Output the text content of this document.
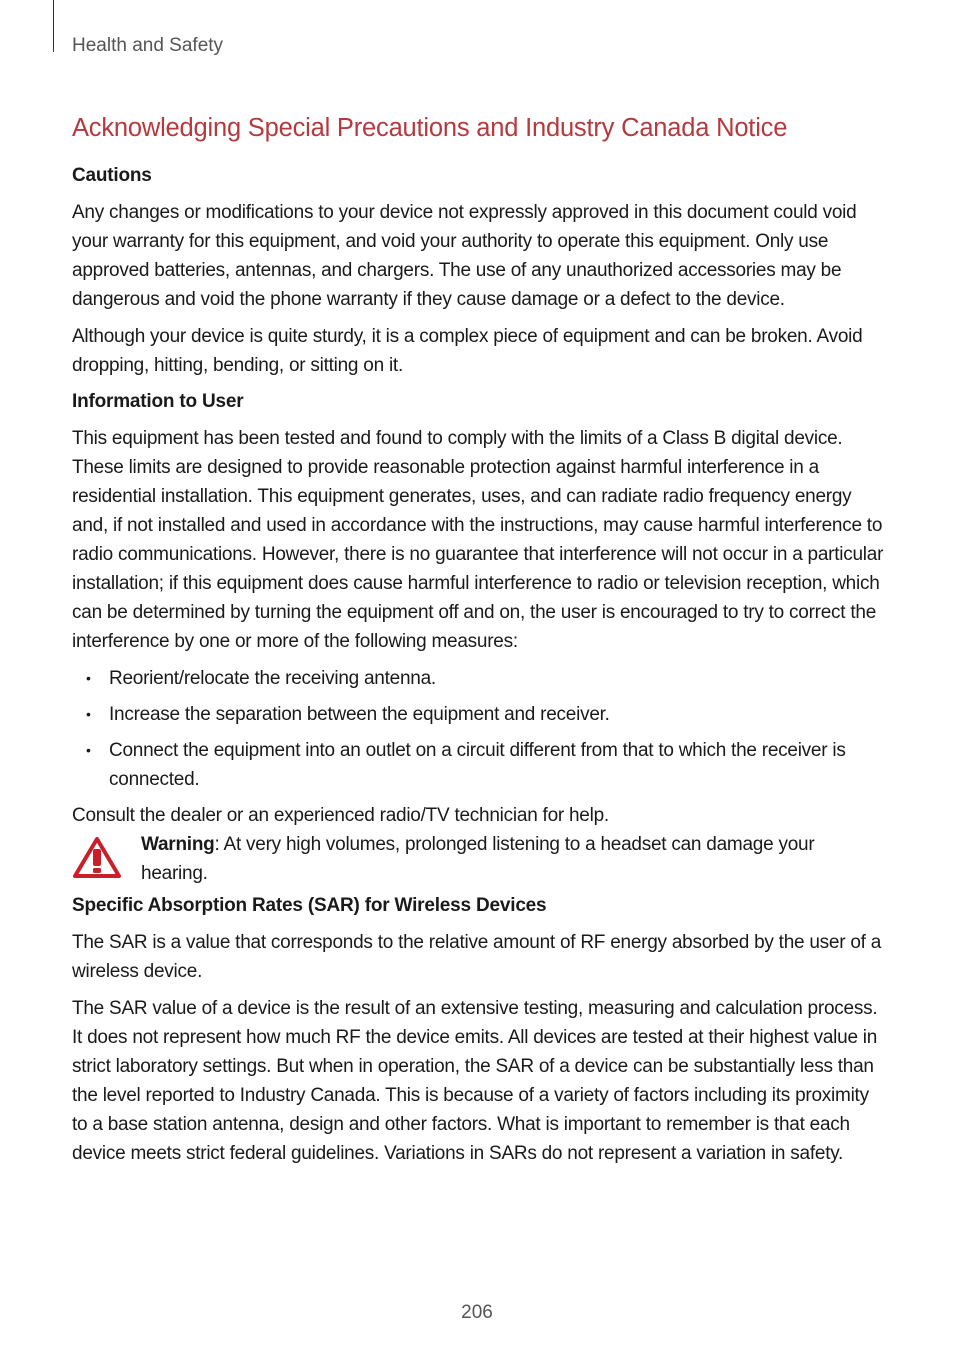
Health and Safety
Acknowledging Special Precautions and Industry Canada Notice
Cautions

Any changes or modifications to your device not expressly approved in this document could void your warranty for this equipment, and void your authority to operate this equipment. Only use approved batteries, antennas, and chargers. The use of any unauthorized accessories may be dangerous and void the phone warranty if they cause damage or a defect to the device.

Although your device is quite sturdy, it is a complex piece of equipment and can be broken. Avoid dropping, hitting, bending, or sitting on it.

Information to User

This equipment has been tested and found to comply with the limits of a Class B digital device. These limits are designed to provide reasonable protection against harmful interference in a residential installation. This equipment generates, uses, and can radiate radio frequency energy and, if not installed and used in accordance with the instructions, may cause harmful interference to radio communications. However, there is no guarantee that interference will not occur in a particular installation; if this equipment does cause harmful interference to radio or television reception, which can be determined by turning the equipment off and on, the user is encouraged to try to correct the interference by one or more of the following measures:

• Reorient/relocate the receiving antenna.
• Increase the separation between the equipment and receiver.
• Connect the equipment into an outlet on a circuit different from that to which the receiver is connected.

Consult the dealer or an experienced radio/TV technician for help.

Warning: At very high volumes, prolonged listening to a headset can damage your hearing.

Specific Absorption Rates (SAR) for Wireless Devices

The SAR is a value that corresponds to the relative amount of RF energy absorbed by the user of a wireless device.

The SAR value of a device is the result of an extensive testing, measuring and calculation process. It does not represent how much RF the device emits. All devices are tested at their highest value in strict laboratory settings. But when in operation, the SAR of a device can be substantially less than the level reported to Industry Canada. This is because of a variety of factors including its proximity to a base station antenna, design and other factors. What is important to remember is that each device meets strict federal guidelines. Variations in SARs do not represent a variation in safety.

206
